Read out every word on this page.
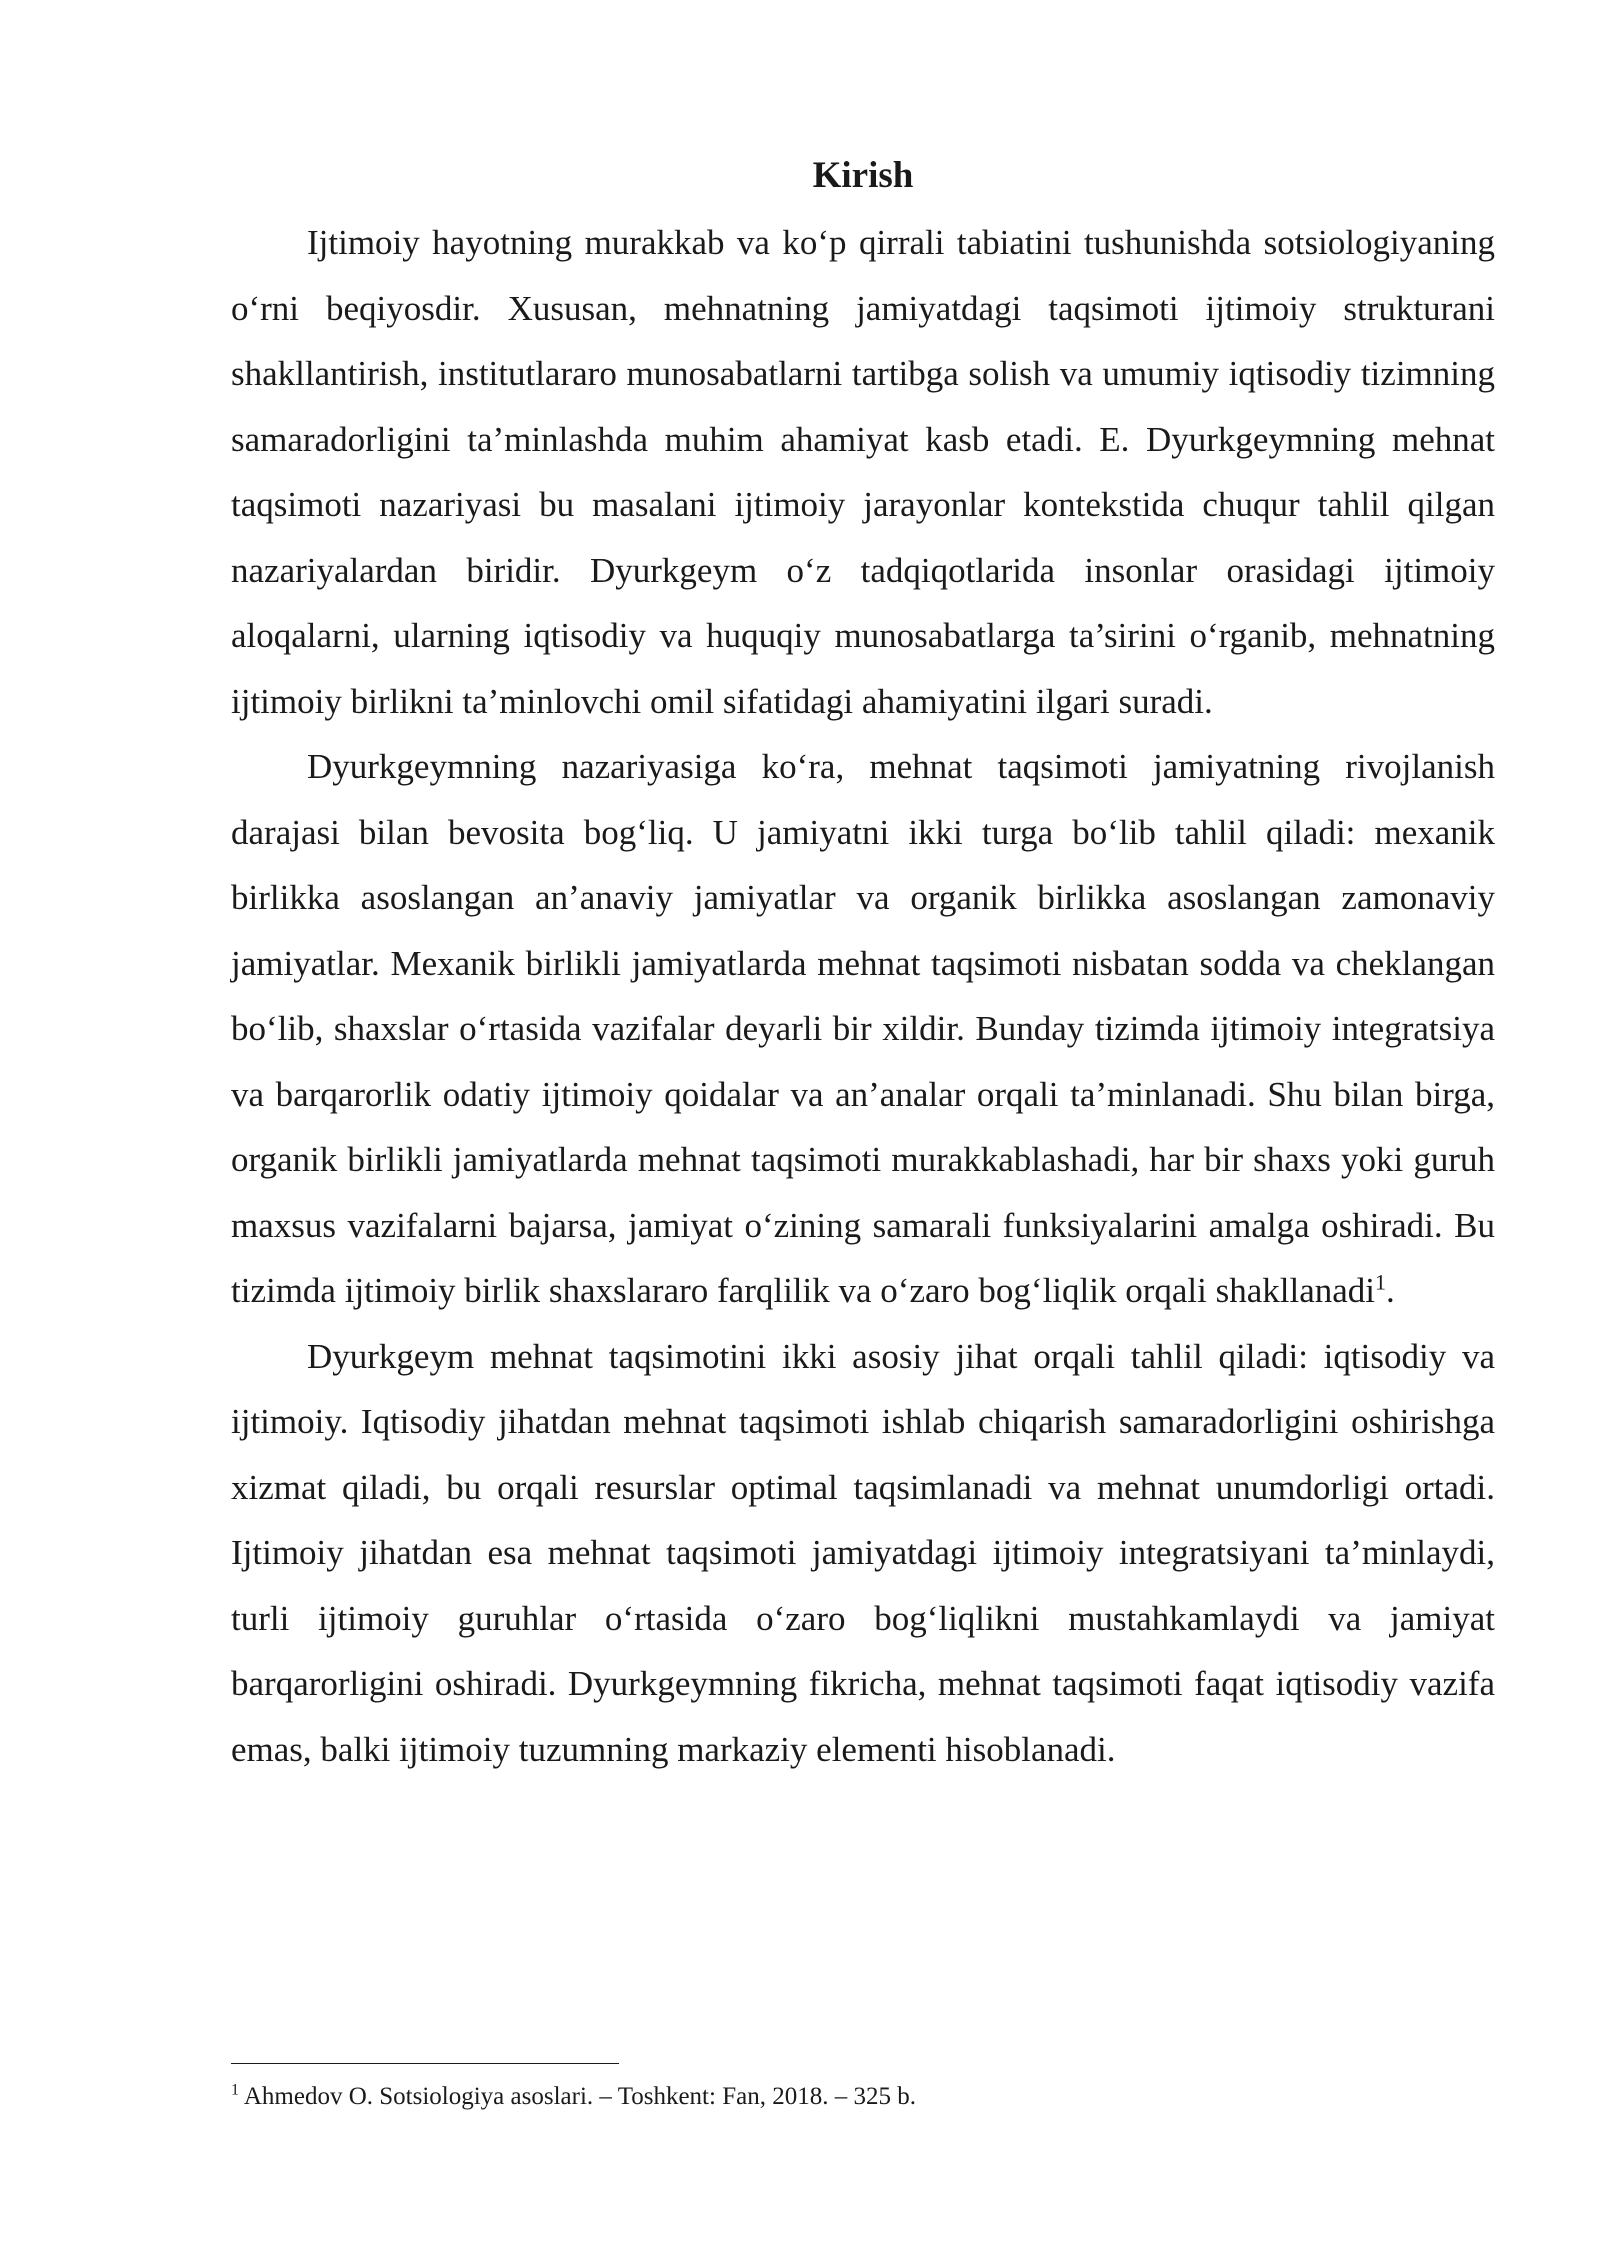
Kirish

Ijtimoiy hayotning murakkab va ko‘p qirrali tabiatini tushunishda sotsiologiyaning o‘rni beqiyosdir. Xususan, mehnatning jamiyatdagi taqsimoti ijtimoiy strukturani shakllantirish, institutlararo munosabatlarni tartibga solish va umumiy iqtisodiy tizimning samaradorligini ta’minlashda muhim ahamiyat kasb etadi. E. Dyurkgeymning mehnat taqsimoti nazariyasi bu masalani ijtimoiy jarayonlar kontekstida chuqur tahlil qilgan nazariyalardan biridir. Dyurkgeym o‘z tadqiqotlarida insonlar orasidagi ijtimoiy aloqalarni, ularning iqtisodiy va huquqiy munosabatlarga ta’sirini o‘rganib, mehnatning ijtimoiy birlikni ta’minlovchi omil sifatidagi ahamiyatini ilgari suradi.

Dyurkgeymning nazariyasiga ko‘ra, mehnat taqsimoti jamiyatning rivojlanish darajasi bilan bevosita bog‘liq. U jamiyatni ikki turga bo‘lib tahlil qiladi: mexanik birlikka asoslangan an’anaviy jamiyatlar va organik birlikka asoslangan zamonaviy jamiyatlar. Mexanik birlikli jamiyatlarda mehnat taqsimoti nisbatan sodda va cheklangan bo‘lib, shaxslar o‘rtasida vazifalar deyarli bir xildir. Bunday tizimda ijtimoiy integratsiya va barqarorlik odatiy ijtimoiy qoidalar va an’analar orqali ta’minlanadi. Shu bilan birga, organik birlikli jamiyatlarda mehnat taqsimoti murakkablashadi, har bir shaxs yoki guruh maxsus vazifalarni bajarsa, jamiyat o‘zining samarali funksiyalarini amalga oshiradi. Bu tizimda ijtimoiy birlik shaxslararo farqlilik va o‘zaro bog‘liqlik orqali shakllanadi$^1$.

Dyurkgeym mehnat taqsimotini ikki asosiy jihat orqali tahlil qiladi: iqtisodiy va ijtimoiy. Iqtisodiy jihatdan mehnat taqsimoti ishlab chiqarish samaradorligini oshirishga xizmat qiladi, bu orqali resurslar optimal taqsimlanadi va mehnat unumdorligi ortadi. Ijtimoiy jihatdan esa mehnat taqsimoti jamiyatdagi ijtimoiy integratsiyani ta’minlaydi, turli ijtimoiy guruhlar o‘rtasida o‘zaro bog‘liqlikni mustahkamlaydi va jamiyat barqarorligini oshiradi. Dyurkgeymning fikricha, mehnat taqsimoti faqat iqtisodiy vazifa emas, balki ijtimoiy tuzumning markaziy elementi hisoblanadi.

$^1$ Ahmedov O. Sotsiologiya asoslari. – Toshkent: Fan, 2018. – 325 b.
